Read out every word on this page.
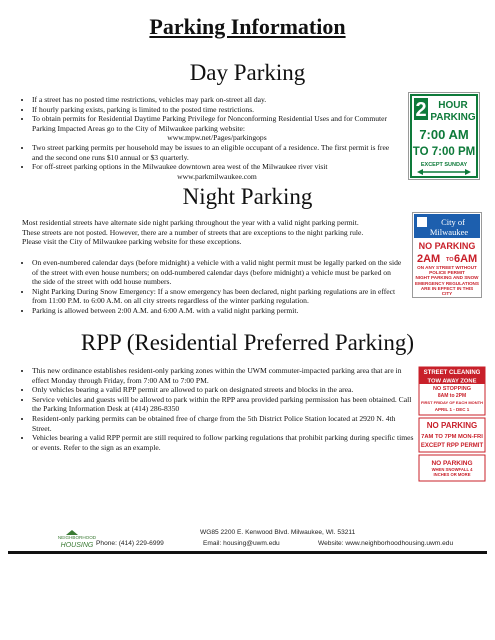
Parking Information
Day Parking
• If a street has no posted time restrictions, vehicles may park on-street all day.
• If hourly parking exists, parking is limited to the posted time restrictions.
• To obtain permits for Residential Daytime Parking Privilege for Nonconforming Residential Uses and for Commuter Parking Impacted Areas go to the City of Milwaukee parking website:
www.mpw.net/Pages/parkingops
• Two street parking permits per household may be issues to an eligible occupant of a residence. The first permit is free and the second one runs $10 annual or $3 quarterly.
• For off-street parking options in the Milwaukee downtown area west of the Milwaukee river visit
www.parkmilwaukee.com
2 HOUR
PARKING
7:00 AM
TO 7:00 PM
EXCEPT SUNDAY
Night Parking

Most residential streets have alternate side night parking throughout the year with a valid night parking permit.

These streets are not posted. However, there are a number of streets that are exceptions to the night parking rule.

Please visit the City of Milwaukee parking website for these exceptions.

• On even-numbered calendar days (before midnight) a vehicle with a valid night permit must be legally parked on the side of the street with even house numbers; on odd-numbered calendar days (before midnight) a vehicle must be parked on the side of the street with odd house numbers.
• Night Parking During Snow Emergency: If a snow emergency has been declared, night parking regulations are in effect from 11:00 P.M. to 6:00 A.M. on all city streets regardless of the winter parking regulation.
• Parking is allowed between 2:00 A.M. and 6:00 A.M. with a valid night parking permit.
City of
Milwaukee
NO PARKING
2AM TO 6AM
ON ANY STREET WITHOUT POLICE PERMIT
NIGHT PARKING AND SNOW EMERGENCY REGULATIONS ARE IN EFFECT IN THIS CITY
RPP (Residential Preferred Parking)
• This new ordinance establishes resident-only parking zones within the UWM commuter-impacted parking area that are in effect Monday through Friday, from 7:00 AM to 7:00 PM.
• Only vehicles bearing a valid RPP permit are allowed to park on designated streets and blocks in the area.
• Service vehicles and guests will be allowed to park within the RPP area provided parking permission has been obtained. Call the Parking Information Desk at (414) 286-8350
• Resident-only parking permits can be obtained free of charge from the 5th District Police Station located at 2920 N. 4th Street.
• Vehicles bearing a valid RPP permit are still required to follow parking regulations that prohibit parking during specific times or events. Refer to the sign as an example.
STREET CLEANING
TOW AWAY ZONE
NO STOPPING
8AM to 2PM
FIRST FRIDAY OF EACH MONTH
APRIL 1 - DEC 1
NO PARKING
7AM TO 7PM MON-FRI
EXCEPT RPP PERMIT
NO PARKING
WHEN SNOWFALL 4 INCHES OR MORE
NEIGHBORHOOD
HOUSING
WG85 2200 E. Kenwood Blvd. Milwaukee, WI. 53211
Phone: (414) 229-6999	Email: housing@uwm.edu	Website: www.neighborhoodhousing.uwm.edu
